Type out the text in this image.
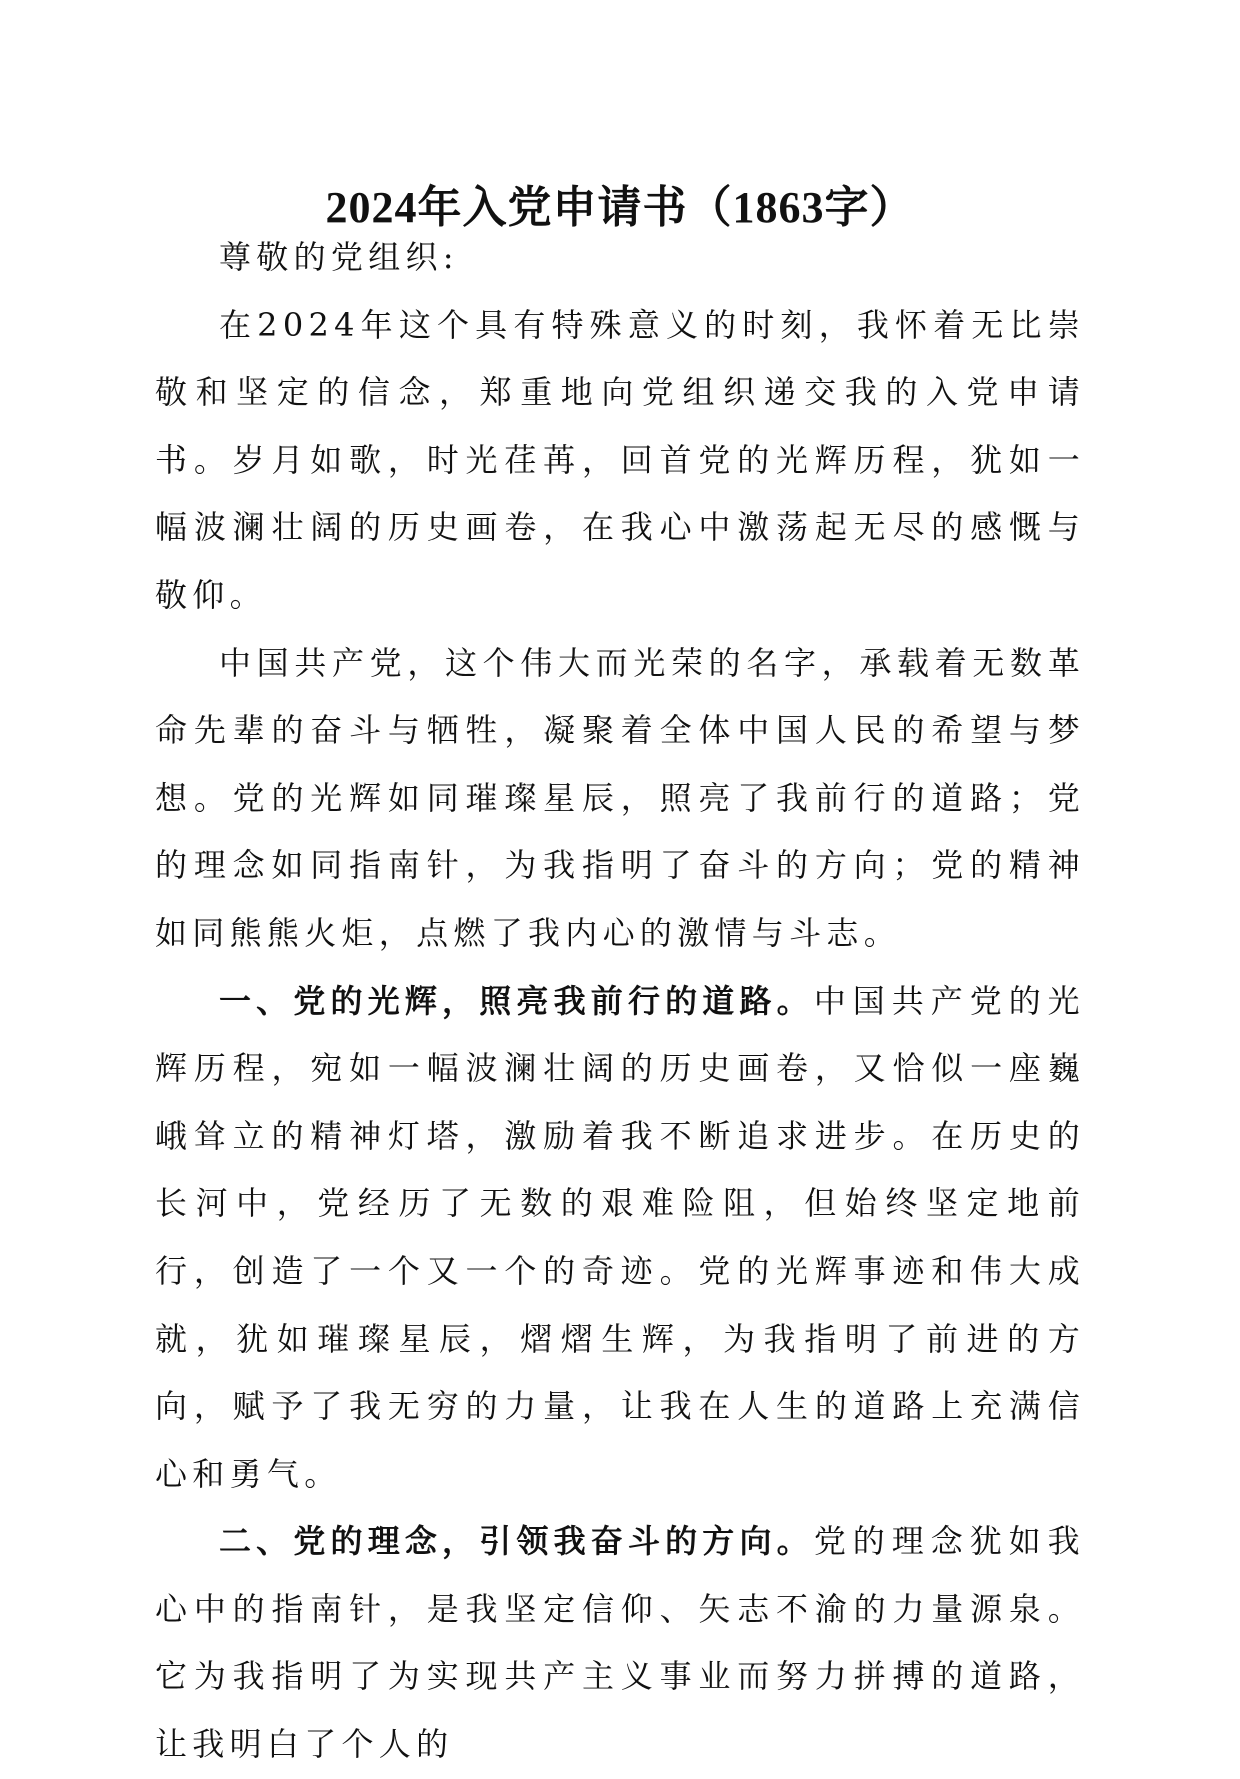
2024年入党申请书（1863字）

尊敬的党组织:

在2024年这个具有特殊意义的时刻，我怀着无比崇敬和坚定的信念，郑重地向党组织递交我的入党申请书。岁月如歌，时光荏苒，回首党的光辉历程，犹如一幅波澜壮阔的历史画卷，在我心中激荡起无尽的感慨与敬仰。

中国共产党，这个伟大而光荣的名字，承载着无数革命先辈的奋斗与牺牲，凝聚着全体中国人民的希望与梦想。党的光辉如同璀璨星辰，照亮了我前行的道路；党的理念如同指南针，为我指明了奋斗的方向；党的精神如同熊熊火炬，点燃了我内心的激情与斗志。

一、党的光辉，照亮我前行的道路。中国共产党的光辉历程，宛如一幅波澜壮阔的历史画卷，又恰似一座巍峨耸立的精神灯塔，激励着我不断追求进步。在历史的长河中，党经历了无数的艰难险阻，但始终坚定地前行，创造了一个又一个的奇迹。党的光辉事迹和伟大成就，犹如璀璨星辰，熠熠生辉，为我指明了前进的方向，赋予了我无穷的力量，让我在人生的道路上充满信心和勇气。

二、党的理念，引领我奋斗的方向。党的理念犹如我心中的指南针，是我坚定信仰、矢志不渝的力量源泉。它为我指明了为实现共产主义事业而努力拼搏的道路，让我明白了个人的
